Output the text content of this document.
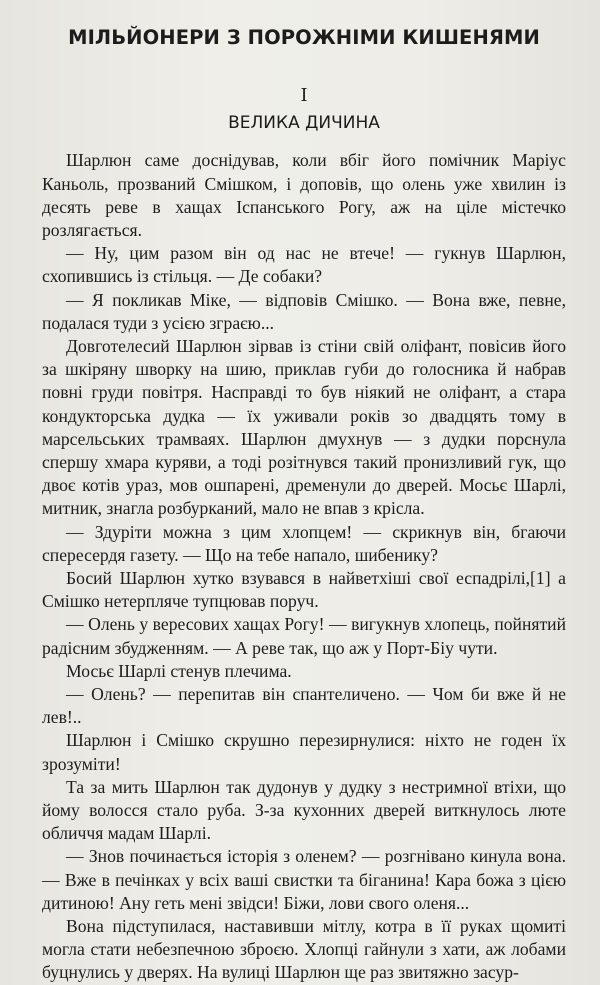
МІЛЬЙОНЕРИ З ПОРОЖНІМИ КИШЕНЯМИ
I
ВЕЛИКА ДИЧИНА

Шарлюн саме доснідував, коли вбіг його помічник Маріус Каньоль, прозваний Смішком, і доповів, що олень уже хвилин із десять реве в хащах Іспанського Рогу, аж на ціле містечко розлягається.

— Ну, цим разом він од нас не втече! — гукнув Шарлюн, схопившись із стільця. — Де собаки?

— Я покликав Міке, — відповів Смішко. — Вона вже, певне, подалася туди з усією зграєю...

Довготелесий Шарлюн зірвав із стіни свій оліфант, повісив його за шкіряну шворку на шию, приклав губи до голосника й набрав повні груди повітря. Насправді то був ніякий не оліфант, а стара кондукторська дудка — їх уживали років зо двадцять тому в марсельських трамваях. Шарлюн дмухнув — з дудки порснула спершу хмара куряви, а тоді розітнувся такий пронизливий гук, що двоє котів ураз, мов ошпарені, дременули до дверей. Мосьє Шарлі, митник, знагла розбурканий, мало не впав з крісла.

— Здуріти можна з цим хлопцем! — скрикнув він, бгаючи спересердя газету. — Що на тебе напало, шибенику?

Босий Шарлюн хутко взувався в найветхіші свої еспадрілі,[1] а Смішко нетерпляче тупцював поруч.

— Олень у вересових хащах Рогу! — вигукнув хлопець, пойнятий радісним збудженням. — А реве так, що аж у Порт-Біу чути.

Мосьє Шарлі стенув плечима.

— Олень? — перепитав він спантеличено. — Чом би вже й не лев!..

Шарлюн і Смішко скрушно перезирнулися: ніхто не годен їх зрозуміти!

Та за мить Шарлюн так дудонув у дудку з нестримної втіхи, що йому волосся стало руба. З-за кухонних дверей виткнулось люте обличчя мадам Шарлі.

— Знов починається історія з оленем? — розгнівано кинула вона. — Вже в печінках у всіх ваші свистки та біганина! Кара божа з цією дитиною! Ану геть мені звідси! Біжи, лови свого оленя...

Вона підступилася, наставивши мітлу, котра в її руках щомиті могла стати небезпечною зброєю. Хлопці гайнули з хати, аж лобами буцнулись у дверях. На вулиці Шарлюн ще раз звитяжно засур-
